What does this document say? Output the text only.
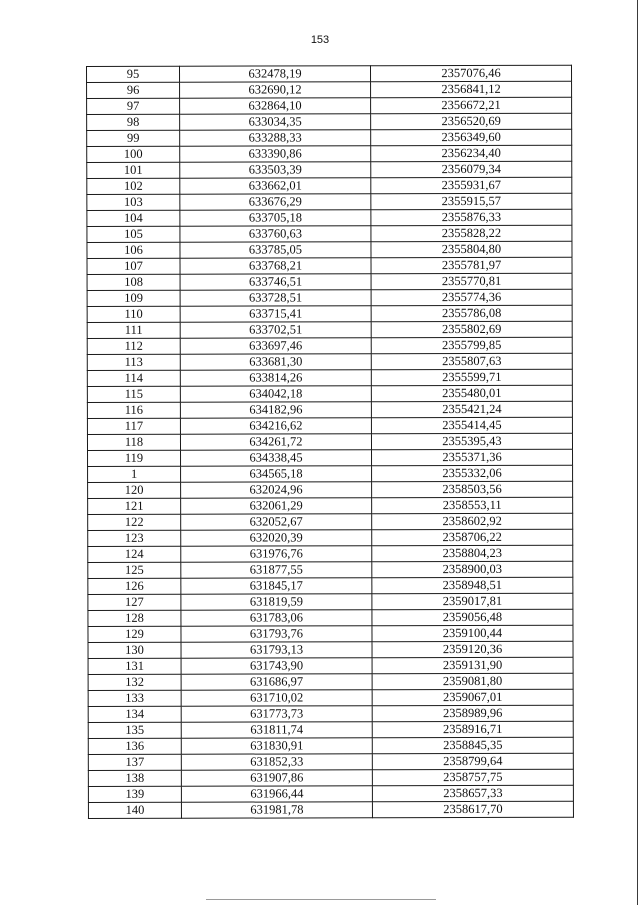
153
95	632478,19	2357076,46
96	632690,12	2356841,12
97	632864,10	2356672,21
98	633034,35	2356520,69
99	633288,33	2356349,60
100	633390,86	2356234,40
101	633503,39	2356079,34
102	633662,01	2355931,67
103	633676,29	2355915,57
104	633705,18	2355876,33
105	633760,63	2355828,22
106	633785,05	2355804,80
107	633768,21	2355781,97
108	633746,51	2355770,81
109	633728,51	2355774,36
110	633715,41	2355786,08
111	633702,51	2355802,69
112	633697,46	2355799,85
113	633681,30	2355807,63
114	633814,26	2355599,71
115	634042,18	2355480,01
116	634182,96	2355421,24
117	634216,62	2355414,45
118	634261,72	2355395,43
119	634338,45	2355371,36
1	634565,18	2355332,06
120	632024,96	2358503,56
121	632061,29	2358553,11
122	632052,67	2358602,92
123	632020,39	2358706,22
124	631976,76	2358804,23
125	631877,55	2358900,03
126	631845,17	2358948,51
127	631819,59	2359017,81
128	631783,06	2359056,48
129	631793,76	2359100,44
130	631793,13	2359120,36
131	631743,90	2359131,90
132	631686,97	2359081,80
133	631710,02	2359067,01
134	631773,73	2358989,96
135	631811,74	2358916,71
136	631830,91	2358845,35
137	631852,33	2358799,64
138	631907,86	2358757,75
139	631966,44	2358657,33
140	631981,78	2358617,70
